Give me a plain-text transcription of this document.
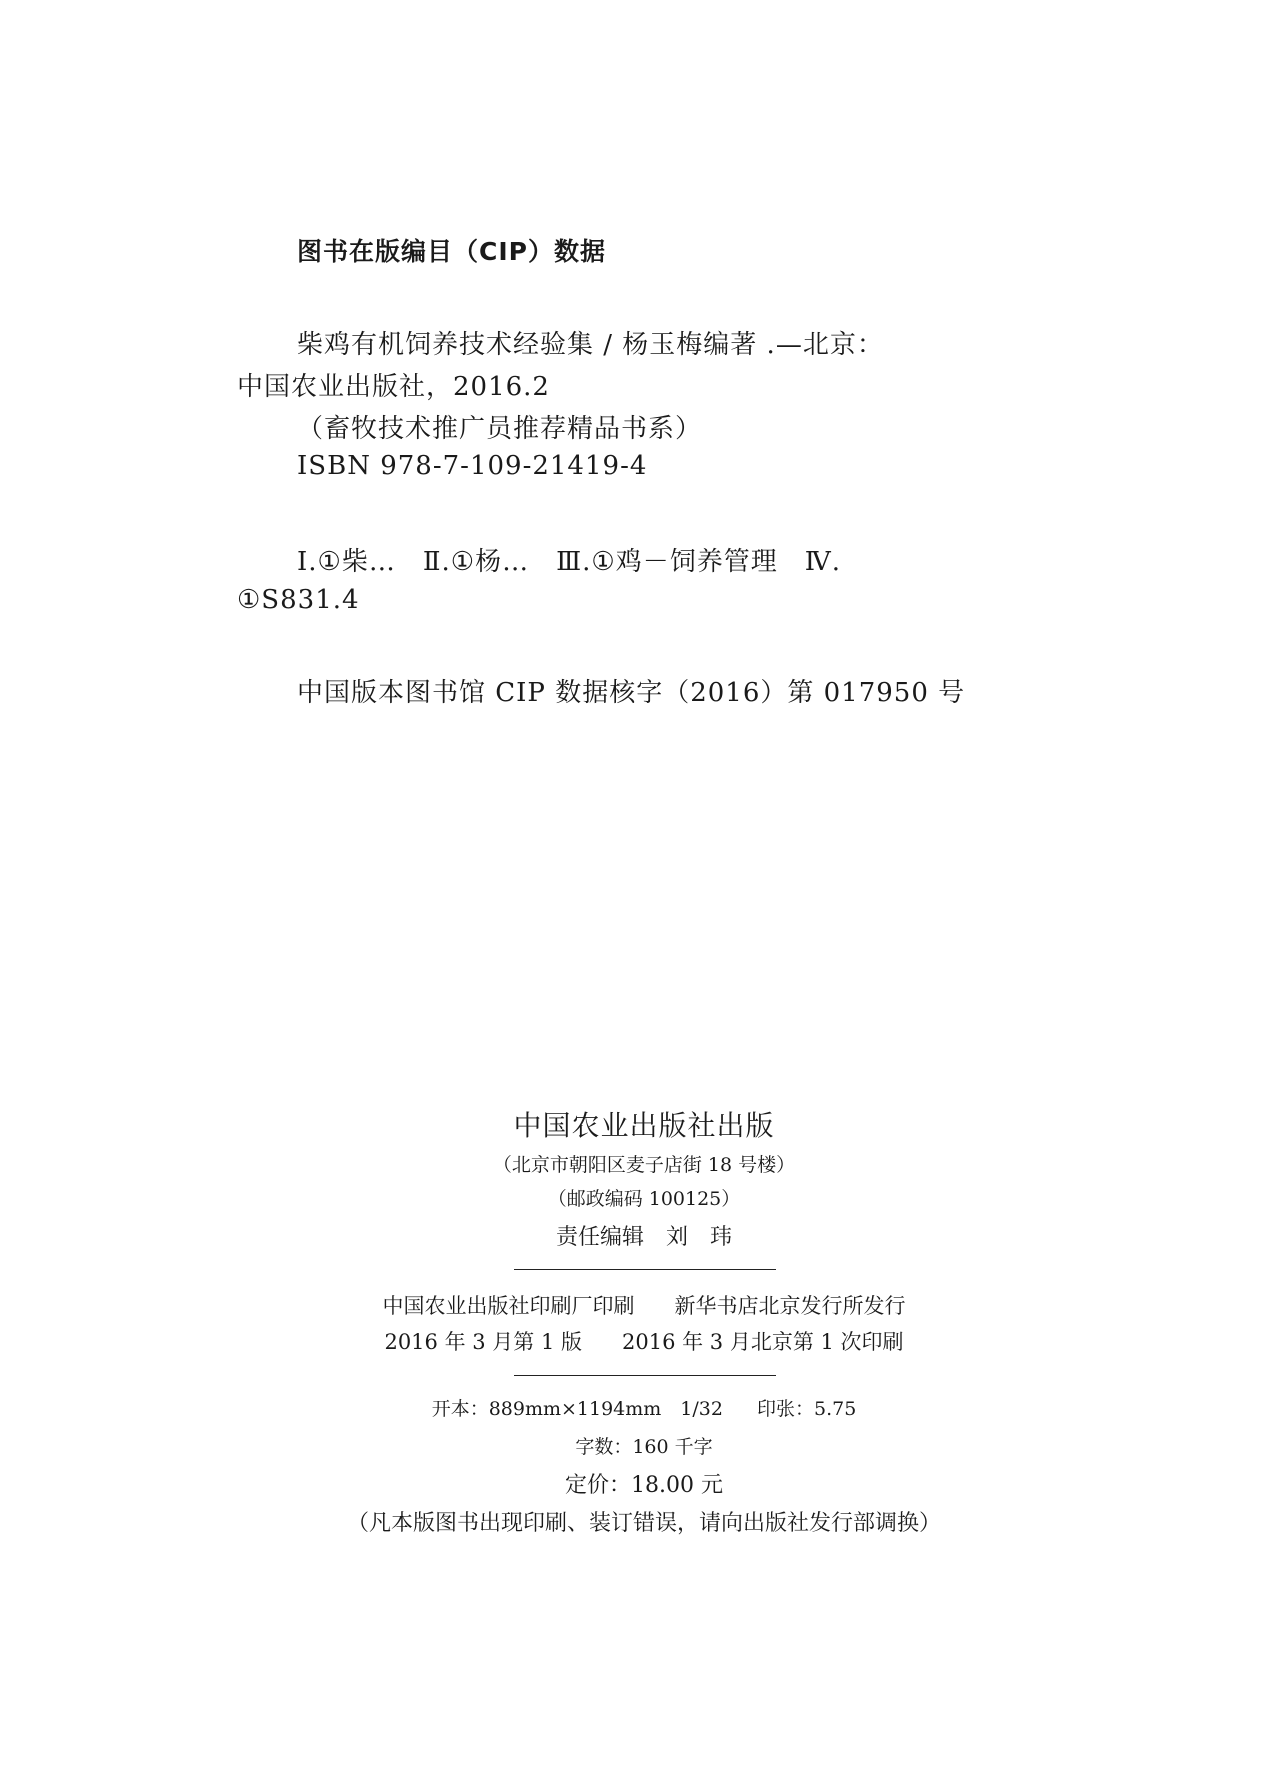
图书在版编目（CIP）数据
柴鸡有机饲养技术经验集 / 杨玉梅编著 .—北京：
中国农业出版社，2016.2
（畜牧技术推广员推荐精品书系）
ISBN 978-7-109-21419-4
Ⅰ.①柴…　Ⅱ.①杨…　Ⅲ.①鸡－饲养管理　Ⅳ.
①S831.4
中国版本图书馆 CIP 数据核字（2016）第 017950 号
中国农业出版社出版
（北京市朝阳区麦子店街 18 号楼）
（邮政编码 100125）
责任编辑 刘　玮
中国农业出版社印刷厂印刷 新华书店北京发行所发行
2016 年 3 月第 1 版 2016 年 3 月北京第 1 次印刷
开本：889mm×1194mm　1/32 印张：5.75
字数：160 千字
定价：18.00 元
（凡本版图书出现印刷、装订错误，请向出版社发行部调换）
